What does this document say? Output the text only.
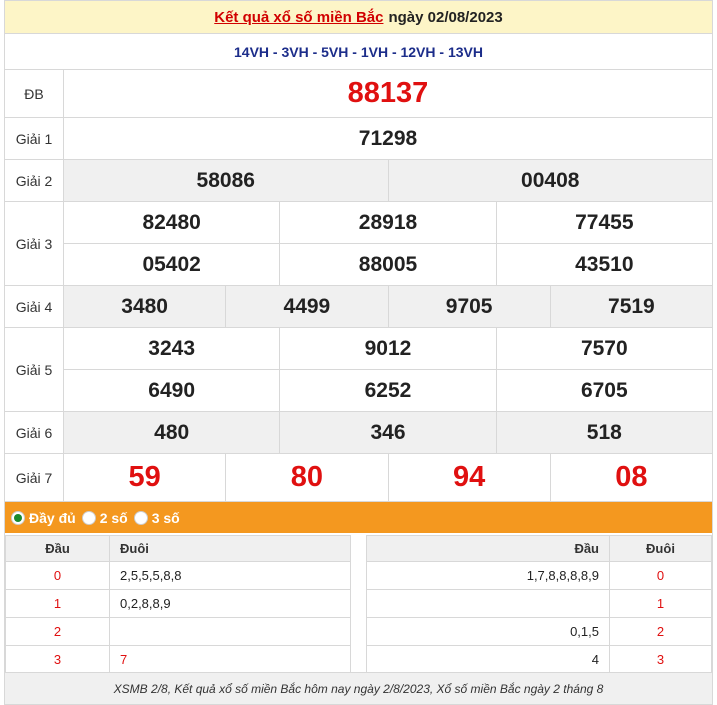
Kết quả xổ số miền Bắc ngày 02/08/2023
14VH - 3VH - 5VH - 1VH - 12VH - 13VH
ĐB	88137
Giải 1	71298
Giải 2	58086	00408
Giải 3
82480	28918	77455
05402	88005	43510
Giải 4	3480	4499	9705	7519
Giải 5
3243	9012	7570
6490	6252	6705
Giải 6	480	346	518
Giải 7	59	80	94	08
Đầy đủ 2 số 3 số
Đầu	Đuôi
0	2,5,5,5,8,8
1	0,2,8,8,9
2	
3	7
Đầu	Đuôi
1,7,8,8,8,8,9	0
	1
0,1,5	2
4	3
XSMB 2/8, Kết quả xổ số miền Bắc hôm nay ngày 2/8/2023, Xổ số miền Bắc ngày 2 tháng 8
